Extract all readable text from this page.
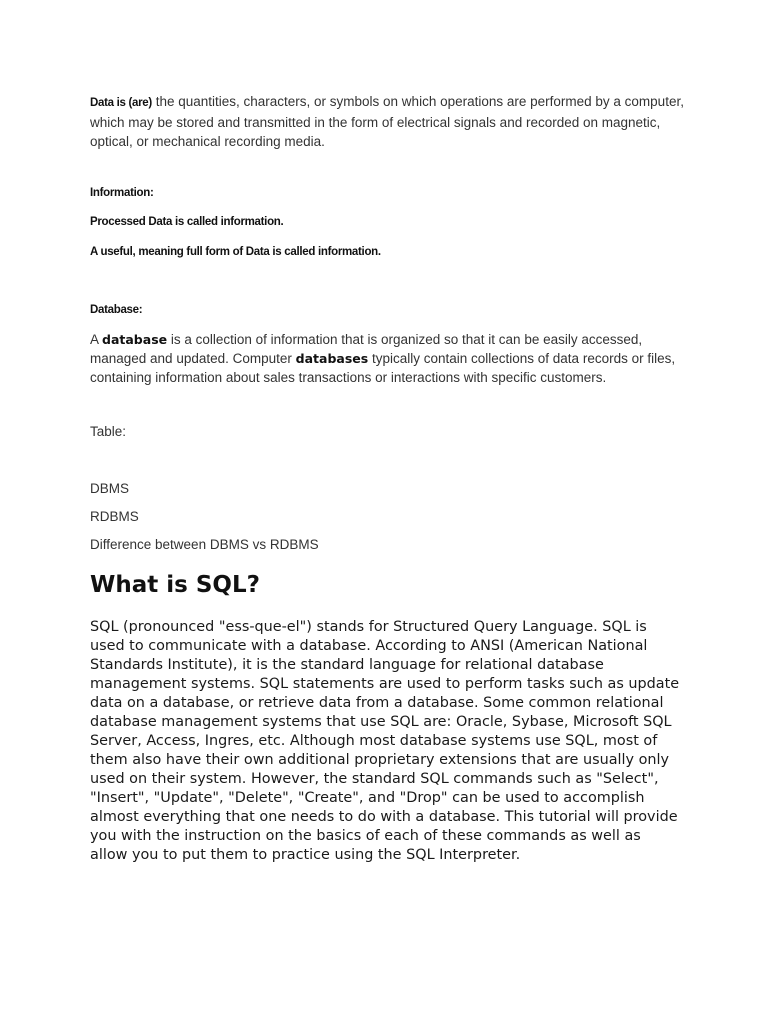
Data is (are) the quantities, characters, or symbols on which operations are performed by a computer, which may be stored and transmitted in the form of electrical signals and recorded on magnetic, optical, or mechanical recording media.

Information:
Processed Data is called information.
A useful, meaning full form of Data is called information.
Database:

A database is a collection of information that is organized so that it can be easily accessed, managed and updated. Computer databases typically contain collections of data records or files, containing information about sales transactions or interactions with specific customers.

Table:
DBMS
RDBMS
Difference between DBMS vs RDBMS
What is SQL?

SQL (pronounced "ess-que-el") stands for Structured Query Language. SQL is used to communicate with a database. According to ANSI (American National Standards Institute), it is the standard language for relational database management systems. SQL statements are used to perform tasks such as update data on a database, or retrieve data from a database. Some common relational database management systems that use SQL are: Oracle, Sybase, Microsoft SQL Server, Access, Ingres, etc. Although most database systems use SQL, most of them also have their own additional proprietary extensions that are usually only used on their system. However, the standard SQL commands such as "Select", "Insert", "Update", "Delete", "Create", and "Drop" can be used to accomplish almost everything that one needs to do with a database. This tutorial will provide you with the instruction on the basics of each of these commands as well as allow you to put them to practice using the SQL Interpreter.
